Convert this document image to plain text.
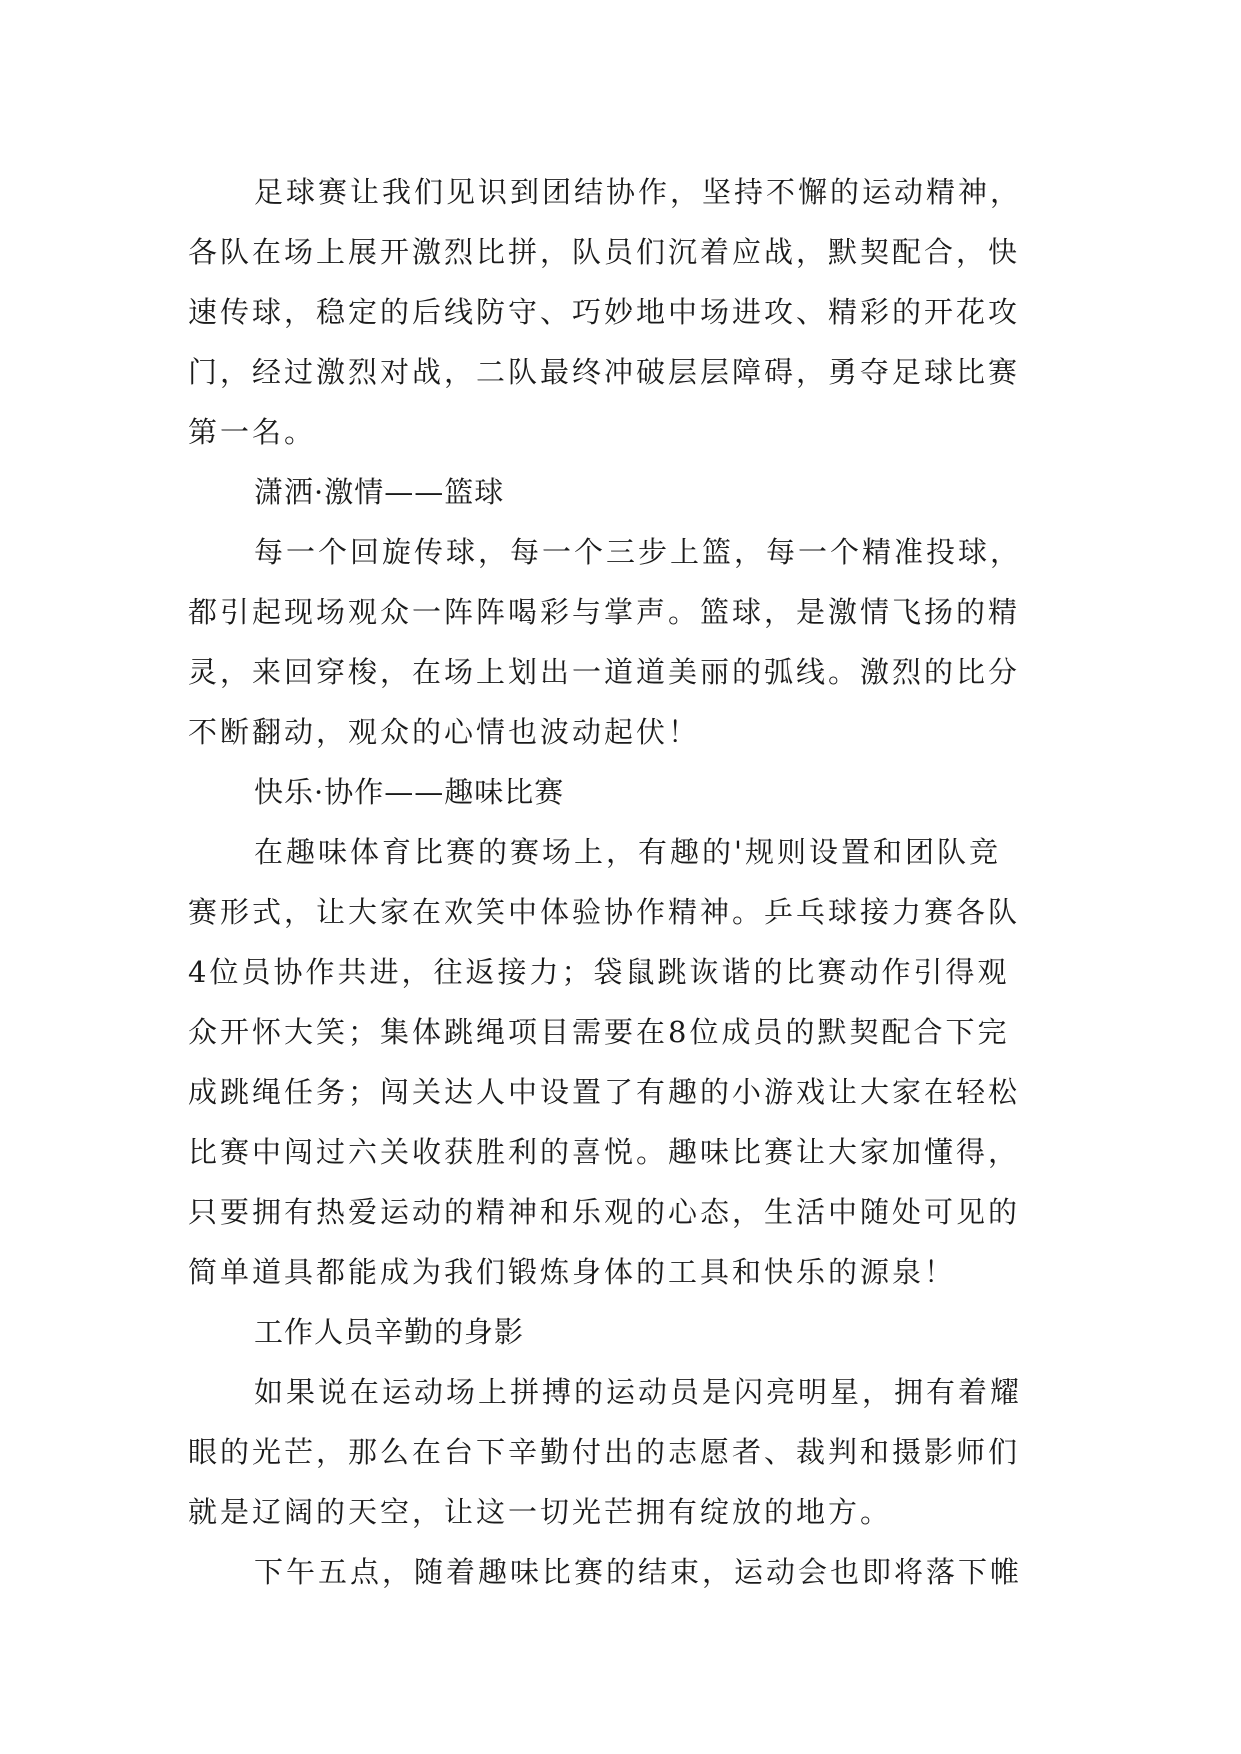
足球赛让我们见识到团结协作，坚持不懈的运动精神，
各队在场上展开激烈比拼，队员们沉着应战，默契配合，快
速传球，稳定的后线防守、巧妙地中场进攻、精彩的开花攻
门，经过激烈对战，二队最终冲破层层障碍，勇夺足球比赛
第一名。
潇洒·激情——篮球
每一个回旋传球，每一个三步上篮，每一个精准投球，
都引起现场观众一阵阵喝彩与掌声。篮球，是激情飞扬的精
灵，来回穿梭，在场上划出一道道美丽的弧线。激烈的比分
不断翻动，观众的心情也波动起伏！
快乐·协作——趣味比赛
在趣味体育比赛的赛场上，有趣的'规则设置和团队竞
赛形式，让大家在欢笑中体验协作精神。乒乓球接力赛各队
4位员协作共进，往返接力；袋鼠跳诙谐的比赛动作引得观
众开怀大笑；集体跳绳项目需要在8位成员的默契配合下完
成跳绳任务；闯关达人中设置了有趣的小游戏让大家在轻松
比赛中闯过六关收获胜利的喜悦。趣味比赛让大家加懂得，
只要拥有热爱运动的精神和乐观的心态，生活中随处可见的
简单道具都能成为我们锻炼身体的工具和快乐的源泉！
工作人员辛勤的身影
如果说在运动场上拼搏的运动员是闪亮明星，拥有着耀
眼的光芒，那么在台下辛勤付出的志愿者、裁判和摄影师们
就是辽阔的天空，让这一切光芒拥有绽放的地方。
下午五点，随着趣味比赛的结束，运动会也即将落下帷
